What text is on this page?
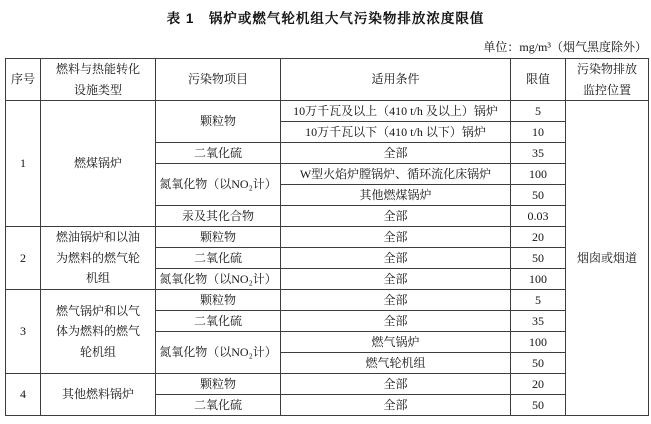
表 1　锅炉或燃气轮机组大气污染物排放浓度限值
单位：mg/m³（烟气黑度除外）
序号	燃料与热能转化设施类型	污染物项目	适用条件	限值	污染物排放监控位置
1	燃煤锅炉	颗粒物	10万千瓦及以上（410 t/h 及以上）锅炉	5	烟囱或烟道
			10万千瓦以下（410 t/h 以下）锅炉	10	
		二氧化硫	全部	35	
		氮氧化物（以NO₂计）	W型火焰炉膛锅炉、循环流化床锅炉	100	
			其他燃煤锅炉	50	
		汞及其化合物	全部	0.03	
2	燃油锅炉和以油为燃料的燃气轮机组	颗粒物	全部	20	
		二氧化硫	全部	50	
		氮氧化物（以NO₂计）	全部	100	
3	燃气锅炉和以气体为燃料的燃气轮机组	颗粒物	全部	5	
		二氧化硫	全部	35	
		氮氧化物（以NO₂计）	燃气锅炉	100	
			燃气轮机组	50	
4	其他燃料锅炉	颗粒物	全部	20	
		二氧化硫	全部	50	
